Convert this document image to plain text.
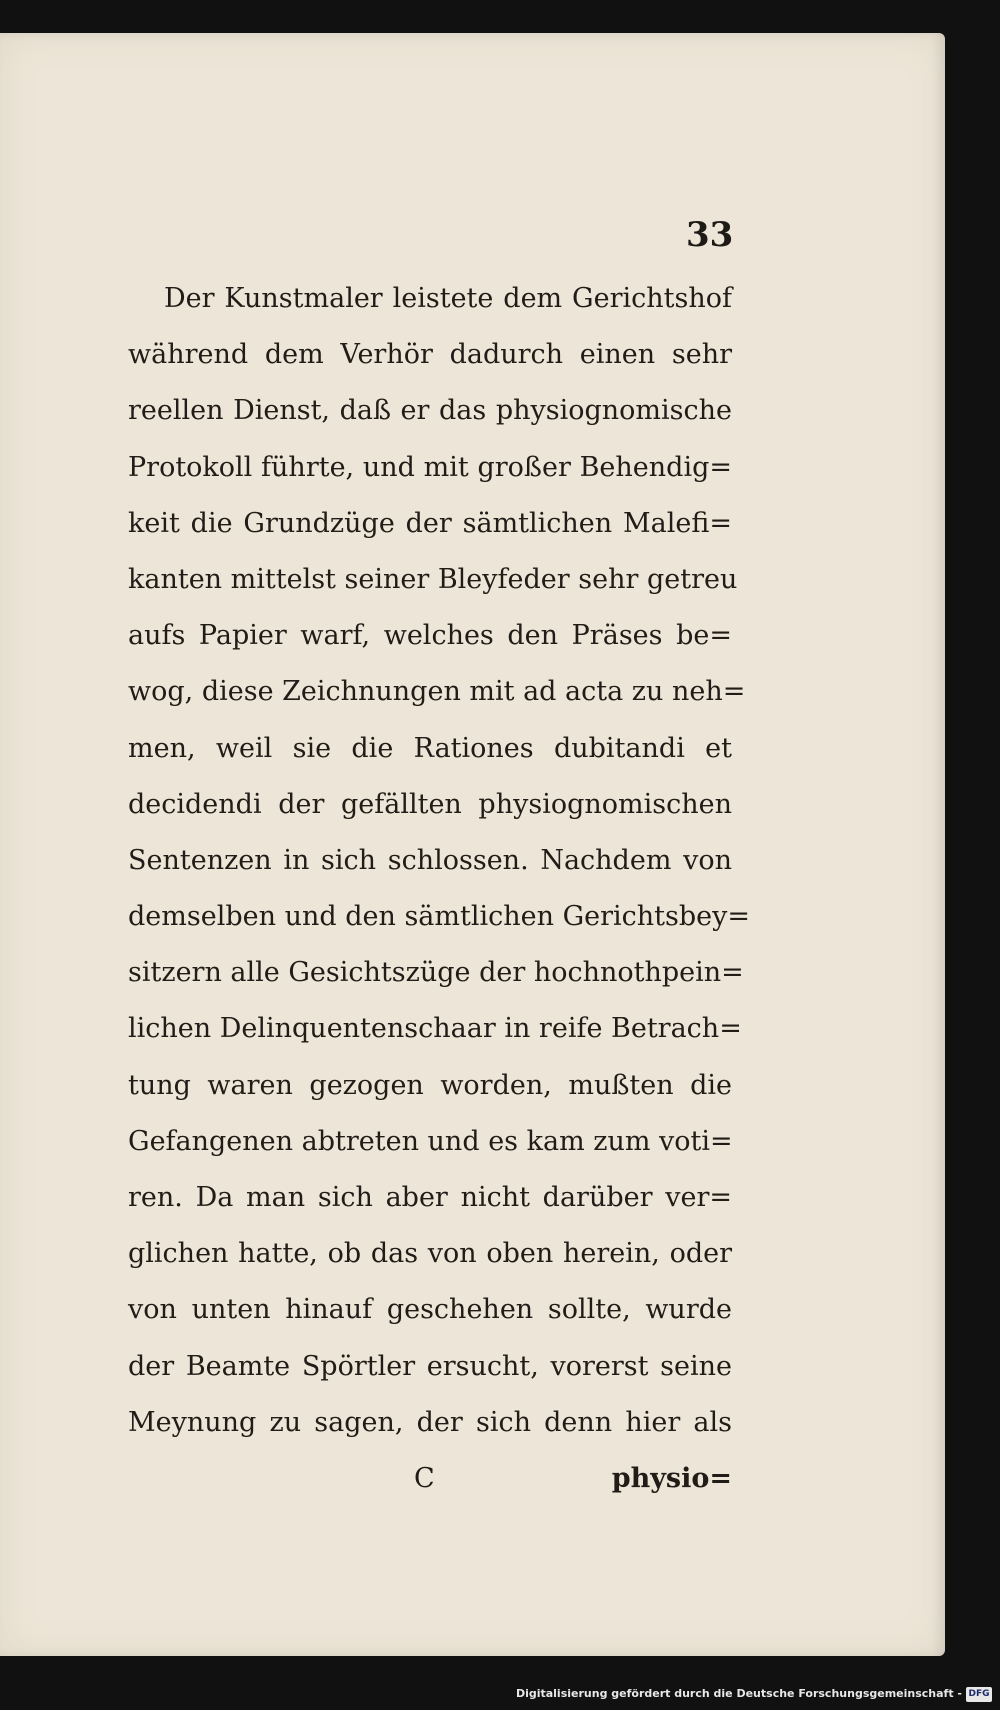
33
Der Kunstmaler leistete dem Gerichtshof
während dem Verhör dadurch einen sehr
reellen Dienst, daß er das physiognomische
Protokoll führte, und mit großer Behendig=
keit die Grundzüge der sämtlichen Malefi=
kanten mittelst seiner Bleyfeder sehr getreu
aufs Papier warf, welches den Präses be=
wog, diese Zeichnungen mit ad acta zu neh=
men, weil sie die Rationes dubitandi et
decidendi der gefällten physiognomischen
Sentenzen in sich schlossen. Nachdem von
demselben und den sämtlichen Gerichtsbey=
sitzern alle Gesichtszüge der hochnothpein=
lichen Delinquentenschaar in reife Betrach=
tung waren gezogen worden, mußten die
Gefangenen abtreten und es kam zum voti=
ren. Da man sich aber nicht darüber ver=
glichen hatte, ob das von oben herein, oder
von unten hinauf geschehen sollte, wurde
der Beamte Spörtler ersucht, vorerst seine
Meynung zu sagen, der sich denn hier als
C	physio=
Digitalisierung gefördert durch die Deutsche Forschungsgemeinschaft - DFG
